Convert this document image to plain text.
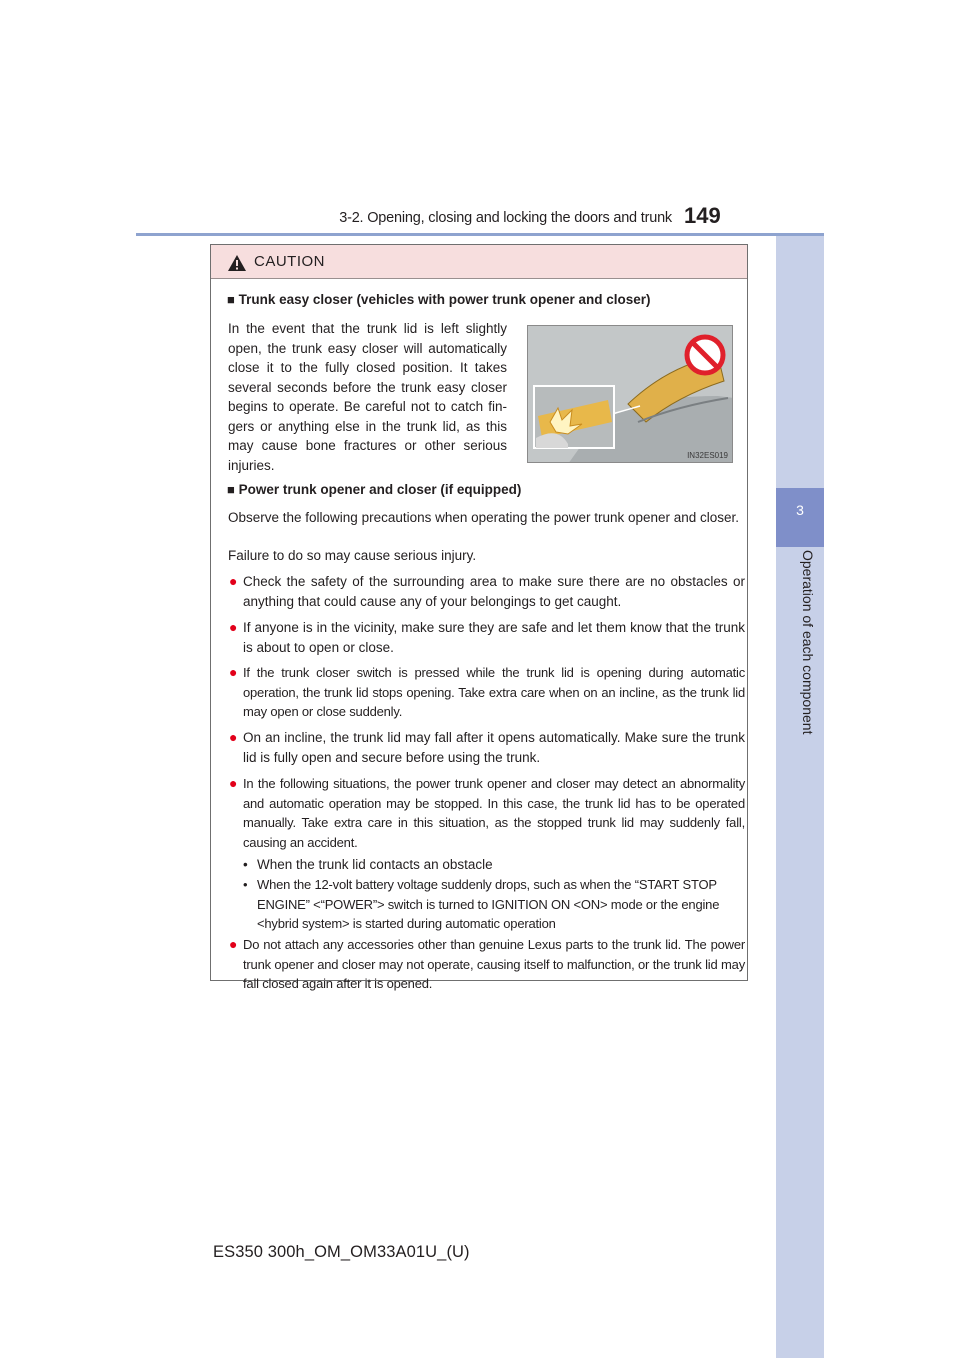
3-2. Opening, closing and locking the doors and trunk 149
3
Operation of each component
CAUTION
■ Trunk easy closer (vehicles with power trunk opener and closer)

In the event that the trunk lid is left slightly open, the trunk easy closer will automatically close it to the fully closed position. It takes several seconds before the trunk easy closer begins to operate. Be careful not to catch fin-gers or anything else in the trunk lid, as this may cause bone fractures or other serious injuries.

IN32ES019
■ Power trunk opener and closer (if equipped)

Observe the following precautions when operating the power trunk opener and closer.

Failure to do so may cause serious injury.

● Check the safety of the surrounding area to make sure there are no obstacles or anything that could cause any of your belongings to get caught.
● If anyone is in the vicinity, make sure they are safe and let them know that the trunk is about to open or close.
● If the trunk closer switch is pressed while the trunk lid is opening during automatic operation, the trunk lid stops opening. Take extra care when on an incline, as the trunk lid may open or close suddenly.
● On an incline, the trunk lid may fall after it opens automatically. Make sure the trunk lid is fully open and secure before using the trunk.
● In the following situations, the power trunk opener and closer may detect an abnormality and automatic operation may be stopped. In this case, the trunk lid has to be operated manually. Take extra care in this situation, as the stopped trunk lid may suddenly fall, causing an accident.
• When the trunk lid contacts an obstacle
• When the 12-volt battery voltage suddenly drops, such as when the “START STOP ENGINE” <“POWER”> switch is turned to IGNITION ON <ON> mode or the engine <hybrid system> is started during automatic operation
● Do not attach any accessories other than genuine Lexus parts to the trunk lid. The power trunk opener and closer may not operate, causing itself to malfunction, or the trunk lid may fall closed again after it is opened.
ES350 300h_OM_OM33A01U_(U)
